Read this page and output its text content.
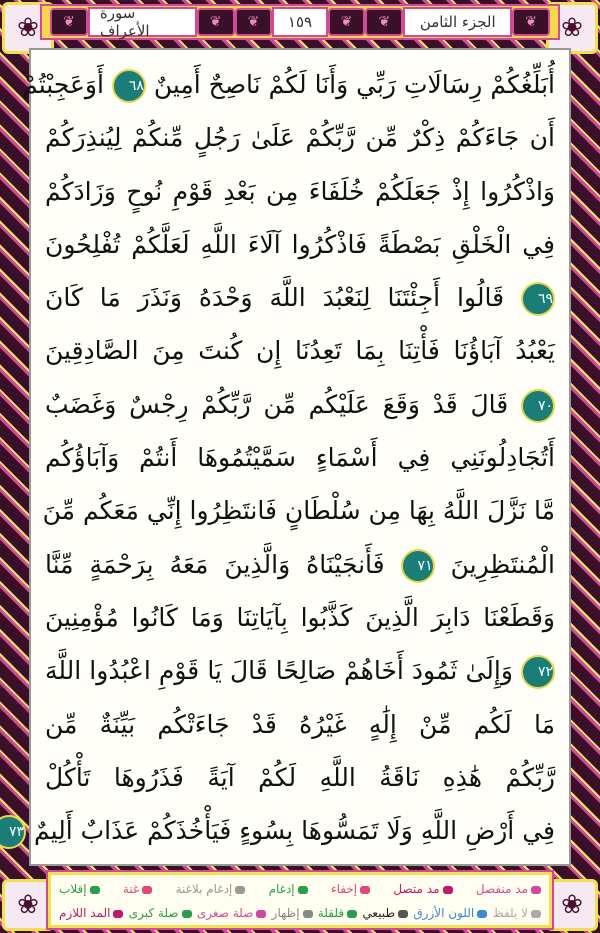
❀	❀
❀	❀
❦	سورة الأعراف	❦	❦	١٥٩	❦	❦	الجزء الثامن	❦
أُبَلِّغُكُمْ رِسَالَاتِ رَبِّي وَأَنَا لَكُمْ نَاصِحٌ أَمِينٌ ٦٨ أَوَعَجِبْتُمْ
أَن جَاءَكُمْ ذِكْرٌ مِّن رَّبِّكُمْ عَلَىٰ رَجُلٍ مِّنكُمْ لِيُنذِرَكُمْ
وَاذْكُرُوا إِذْ جَعَلَكُمْ خُلَفَاءَ مِن بَعْدِ قَوْمِ نُوحٍ وَزَادَكُمْ
فِي الْخَلْقِ بَصْطَةً فَاذْكُرُوا آلَاءَ اللَّهِ لَعَلَّكُمْ تُفْلِحُونَ
٦٩ قَالُوا أَجِئْتَنَا لِنَعْبُدَ اللَّهَ وَحْدَهُ وَنَذَرَ مَا كَانَ
يَعْبُدُ آبَاؤُنَا فَأْتِنَا بِمَا تَعِدُنَا إِن كُنتَ مِنَ الصَّادِقِينَ
٧٠ قَالَ قَدْ وَقَعَ عَلَيْكُم مِّن رَّبِّكُمْ رِجْسٌ وَغَضَبٌ
أَتُجَادِلُونَنِي فِي أَسْمَاءٍ سَمَّيْتُمُوهَا أَنتُمْ وَآبَاؤُكُم
مَّا نَزَّلَ اللَّهُ بِهَا مِن سُلْطَانٍ فَانتَظِرُوا إِنِّي مَعَكُم مِّنَ
الْمُنتَظِرِينَ ٧١ فَأَنجَيْنَاهُ وَالَّذِينَ مَعَهُ بِرَحْمَةٍ مِّنَّا
وَقَطَعْنَا دَابِرَ الَّذِينَ كَذَّبُوا بِآيَاتِنَا وَمَا كَانُوا مُؤْمِنِينَ
٧٢ وَإِلَىٰ ثَمُودَ أَخَاهُمْ صَالِحًا قَالَ يَا قَوْمِ اعْبُدُوا اللَّهَ
مَا لَكُم مِّنْ إِلَٰهٍ غَيْرُهُ قَدْ جَاءَتْكُم بَيِّنَةٌ مِّن
رَّبِّكُمْ هَٰذِهِ نَاقَةُ اللَّهِ لَكُمْ آيَةً فَذَرُوهَا تَأْكُلْ
فِي أَرْضِ اللَّهِ وَلَا تَمَسُّوهَا بِسُوءٍ فَيَأْخُذَكُمْ عَذَابٌ أَلِيمٌ ٧٣
مد منفصل
مد متصل
إخفاء
إدغام
إدغام بلاغنة
غنة
إقلاب
لا يلفظ
اللون الأزرق
طبيعي
قلقلة
إظهار
صلة صغرى
صلة كبرى
المد اللازم
